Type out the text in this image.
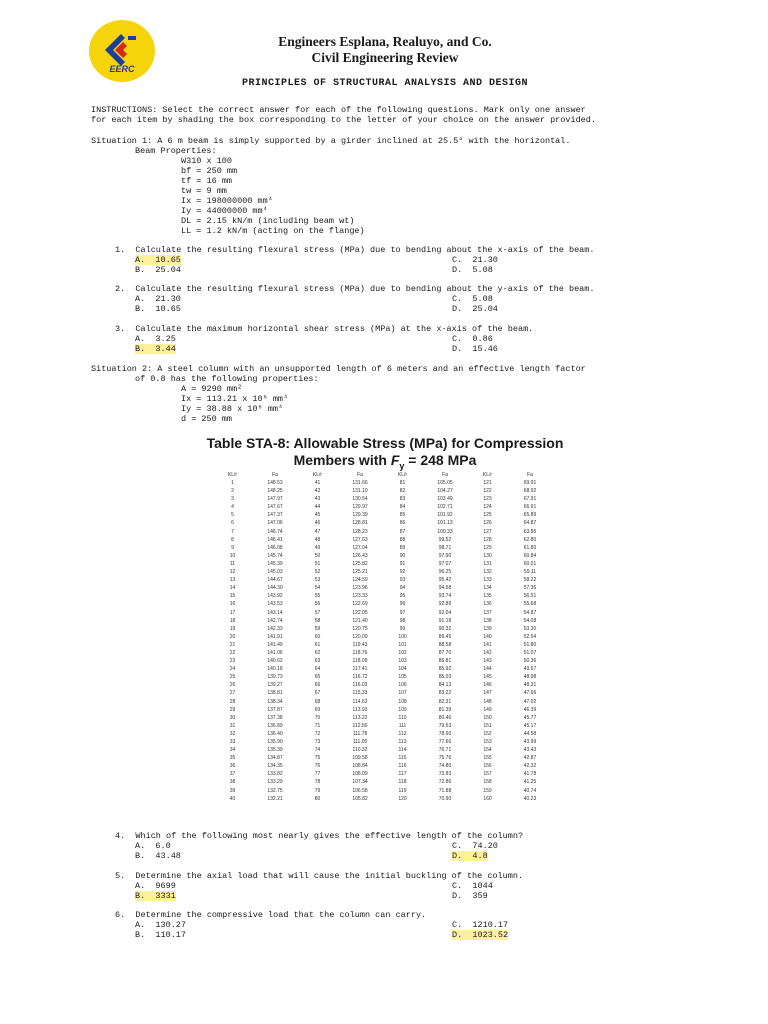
EERC
Engineers Esplana, Realuyo, and Co.
Civil Engineering Review
PRINCIPLES OF STRUCTURAL ANALYSIS AND DESIGN
INSTRUCTIONS: Select the correct answer for each of the following questions. Mark only one answer
for each item by shading the box corresponding to the letter of your choice on the answer provided.
Situation 1: A 6 m beam is simply supported by a girder inclined at 25.5° with the horizontal.
Beam Properties:
W310 x 100
bf = 250 mm
tf = 16 mm
tw = 9 mm
Ix = 198000000 mm⁴
Iy = 44000000 mm⁴
DL = 2.15 kN/m (including beam wt)
LL = 1.2 kN/m (acting on the flange)
1.  Calculate the resulting flexural stress (MPa) due to bending about the x-axis of the beam.
A.  10.65
B.  25.04
C.  21.30
D.  5.08
2.  Calculate the resulting flexural stress (MPa) due to bending about the y-axis of the beam.
A.  21.30
B.  10.65
C.  5.08
D.  25.04
3.  Calculate the maximum horizontal shear stress (MPa) at the x-axis of the beam.
A.  3.25
B.  3.44
C.  0.86
D.  15.46
Situation 2: A steel column with an unsupported length of 6 meters and an effective length factor
of 0.8 has the following properties:
A = 9290 mm²
Ix = 113.21 x 10⁶ mm⁴
Iy = 38.88 x 10⁶ mm⁴
d = 250 mm
Table STA-8: Allowable Stress (MPa) for Compression
Members with $F_y = 248$ MPa
KL/r	Fa	KL/r	Fa	KL/r	Fa	KL/r	Fa
1	148.53	41	131.66	81	105.05	121	69.91
2	148.25	42	131.10	82	104.27	122	68.92
3	147.97	43	130.54	83	103.49	123	67.91
4	147.67	44	129.97	84	102.71	124	66.91
5	147.37	45	129.39	85	101.92	125	65.89
6	147.06	46	128.81	86	101.13	126	64.87
7	146.74	47	128.23	87	100.33	127	63.85
8	146.41	48	127.63	88	99.52	128	62.80
9	146.08	49	127.04	89	98.71	129	61.80
10	145.74	50	126.43	90	97.90	130	60.84
11	145.39	51	125.82	91	97.07	131	60.01
12	145.03	52	125.21	92	96.25	132	59.11
13	144.67	53	124.59	93	95.42	133	58.22
14	144.30	54	123.96	94	94.58	134	57.36
15	143.92	55	123.33	95	93.74	135	56.51
16	143.53	56	122.69	96	92.89	136	55.68
17	143.14	57	122.05	97	92.04	137	54.87
18	142.74	58	121.40	98	91.18	138	54.08
19	142.33	59	120.75	99	90.32	139	53.30
20	141.91	60	120.09	100	89.45	140	52.54
21	141.49	61	119.43	101	88.58	141	51.80
22	141.06	62	118.76	102	87.70	142	51.07
23	140.62	63	118.09	103	86.81	143	50.36
24	140.18	64	117.41	104	85.92	144	49.67
25	139.73	65	116.72	105	85.03	145	48.98
26	139.27	66	116.03	106	84.13	146	48.31
27	138.81	67	115.33	107	83.22	147	47.66
28	138.34	68	114.63	108	82.31	148	47.02
29	137.87	69	113.93	109	81.39	149	46.39
30	137.38	70	113.22	110	80.46	150	45.77
31	136.89	71	112.50	111	79.53	151	45.17
32	136.40	72	111.78	112	78.60	152	44.58
33	135.90	73	111.05	113	77.66	153	43.99
34	135.39	74	110.32	114	76.71	154	43.43
35	134.87	75	109.58	115	75.76	155	42.87
36	134.35	76	108.84	116	74.80	156	42.32
37	133.82	77	108.09	117	73.83	157	41.78
38	133.29	78	107.34	118	72.86	158	41.25
39	132.75	79	106.58	119	71.88	159	40.74
40	132.21	80	105.82	120	70.90	160	40.23
4.  Which of the following most nearly gives the effective length of the column?
A.  6.0
B.  43.48
C.  74.20
D.  4.8
5.  Determine the axial load that will cause the initial buckling of the column.
A.  9699
B.  3331
C.  1044
D.  359
6.  Determine the compressive load that the column can carry.
A.  130.27
B.  110.17
C.  1210.17
D.  1023.52
